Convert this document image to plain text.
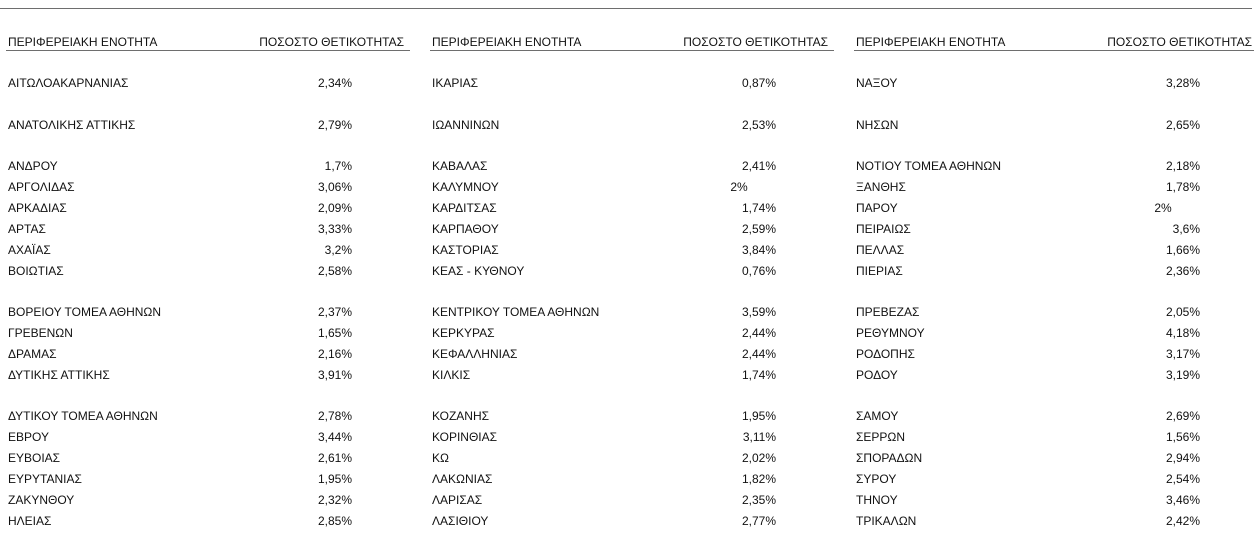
ΠΕΡΙΦΕΡΕΙΑΚΗ ΕΝΟΤΗΤΑ	ΠΟΣΟΣΤΟ ΘΕΤΙΚΟΤΗΤΑΣ
ΑΙΤΩΛΟΑΚΑΡΝΑΝΙΑΣ	2,34%
ΑΝΑΤΟΛΙΚΗΣ ΑΤΤΙΚΗΣ	2,79%
ΑΝΔΡΟΥ	1,7%
ΑΡΓΟΛΙΔΑΣ	3,06%
ΑΡΚΑΔΙΑΣ	2,09%
ΑΡΤΑΣ	3,33%
ΑΧΑΪΑΣ	3,2%
ΒΟΙΩΤΙΑΣ	2,58%
ΒΟΡΕΙΟΥ ΤΟΜΕΑ ΑΘΗΝΩΝ	2,37%
ΓΡΕΒΕΝΩΝ	1,65%
ΔΡΑΜΑΣ	2,16%
ΔΥΤΙΚΗΣ ΑΤΤΙΚΗΣ	3,91%
ΔΥΤΙΚΟΥ ΤΟΜΕΑ ΑΘΗΝΩΝ	2,78%
ΕΒΡΟΥ	3,44%
ΕΥΒΟΙΑΣ	2,61%
ΕΥΡΥΤΑΝΙΑΣ	1,95%
ΖΑΚΥΝΘΟΥ	2,32%
ΗΛΕΙΑΣ	2,85%
ΠΕΡΙΦΕΡΕΙΑΚΗ ΕΝΟΤΗΤΑ	ΠΟΣΟΣΤΟ ΘΕΤΙΚΟΤΗΤΑΣ
ΙΚΑΡΙΑΣ	0,87%
ΙΩΑΝΝΙΝΩΝ	2,53%
ΚΑΒΑΛΑΣ	2,41%
ΚΑΛΥΜΝΟΥ	2%
ΚΑΡΔΙΤΣΑΣ	1,74%
ΚΑΡΠΑΘΟΥ	2,59%
ΚΑΣΤΟΡΙΑΣ	3,84%
ΚΕΑΣ - ΚΥΘΝΟΥ	0,76%
ΚΕΝΤΡΙΚΟΥ ΤΟΜΕΑ ΑΘΗΝΩΝ	3,59%
ΚΕΡΚΥΡΑΣ	2,44%
ΚΕΦΑΛΛΗΝΙΑΣ	2,44%
ΚΙΛΚΙΣ	1,74%
ΚΟΖΑΝΗΣ	1,95%
ΚΟΡΙΝΘΙΑΣ	3,11%
ΚΩ	2,02%
ΛΑΚΩΝΙΑΣ	1,82%
ΛΑΡΙΣΑΣ	2,35%
ΛΑΣΙΘΙΟΥ	2,77%
ΠΕΡΙΦΕΡΕΙΑΚΗ ΕΝΟΤΗΤΑ	ΠΟΣΟΣΤΟ ΘΕΤΙΚΟΤΗΤΑΣ
ΝΑΞΟΥ	3,28%
ΝΗΣΩΝ	2,65%
ΝΟΤΙΟΥ ΤΟΜΕΑ ΑΘΗΝΩΝ	2,18%
ΞΑΝΘΗΣ	1,78%
ΠΑΡΟΥ	2%
ΠΕΙΡΑΙΩΣ	3,6%
ΠΕΛΛΑΣ	1,66%
ΠΙΕΡΙΑΣ	2,36%
ΠΡΕΒΕΖΑΣ	2,05%
ΡΕΘΥΜΝΟΥ	4,18%
ΡΟΔΟΠΗΣ	3,17%
ΡΟΔΟΥ	3,19%
ΣΑΜΟΥ	2,69%
ΣΕΡΡΩΝ	1,56%
ΣΠΟΡΑΔΩΝ	2,94%
ΣΥΡΟΥ	2,54%
ΤΗΝΟΥ	3,46%
ΤΡΙΚΑΛΩΝ	2,42%
